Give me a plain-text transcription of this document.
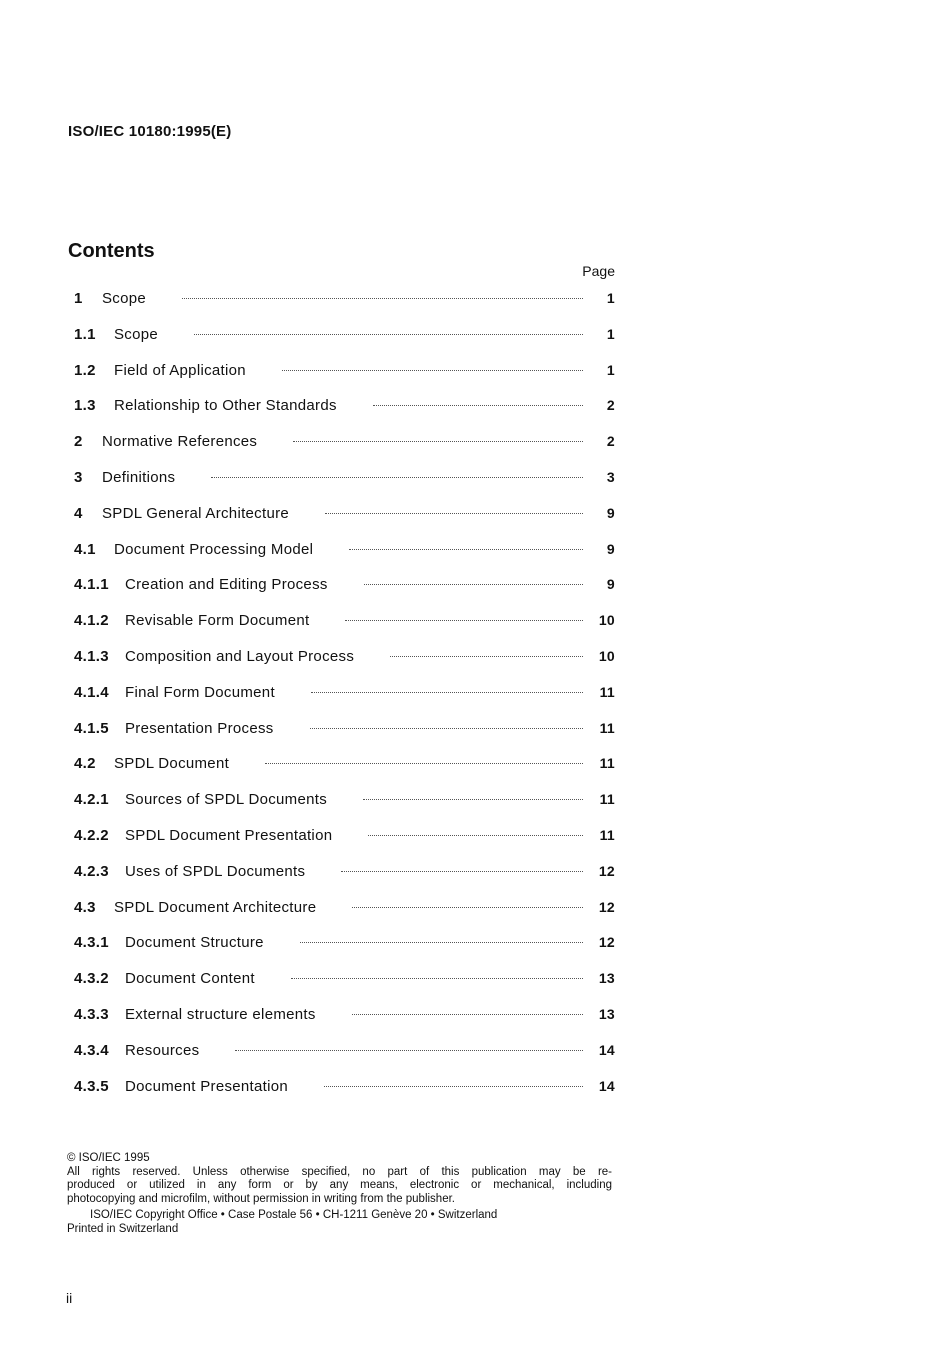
ISO/IEC 10180:1995(E)
Contents
Page
1	Scope	1
1.1	Scope	1
1.2	Field of Application	1
1.3	Relationship to Other Standards	2
2	Normative References	2
3	Definitions	3
4	SPDL General Architecture	9
4.1	Document Processing Model	9
4.1.1	Creation and Editing Process	9
4.1.2	Revisable Form Document	10
4.1.3	Composition and Layout Process	10
4.1.4	Final Form Document	11
4.1.5	Presentation Process	11
4.2	SPDL Document	11
4.2.1	Sources of SPDL Documents	11
4.2.2	SPDL Document Presentation	11
4.2.3	Uses of SPDL Documents	12
4.3	SPDL Document Architecture	12
4.3.1	Document Structure	12
4.3.2	Document Content	13
4.3.3	External structure elements	13
4.3.4	Resources	14
4.3.5	Document Presentation	14
© ISO/IEC 1995
All rights reserved. Unless otherwise specified, no part of this publication may be re-
produced or utilized in any form or by any means, electronic or mechanical, including
photocopying and microfilm, without permission in writing from the publisher.
ISO/IEC Copyright Office • Case Postale 56 • CH-1211 Genève 20 • Switzerland
Printed in Switzerland
ii
